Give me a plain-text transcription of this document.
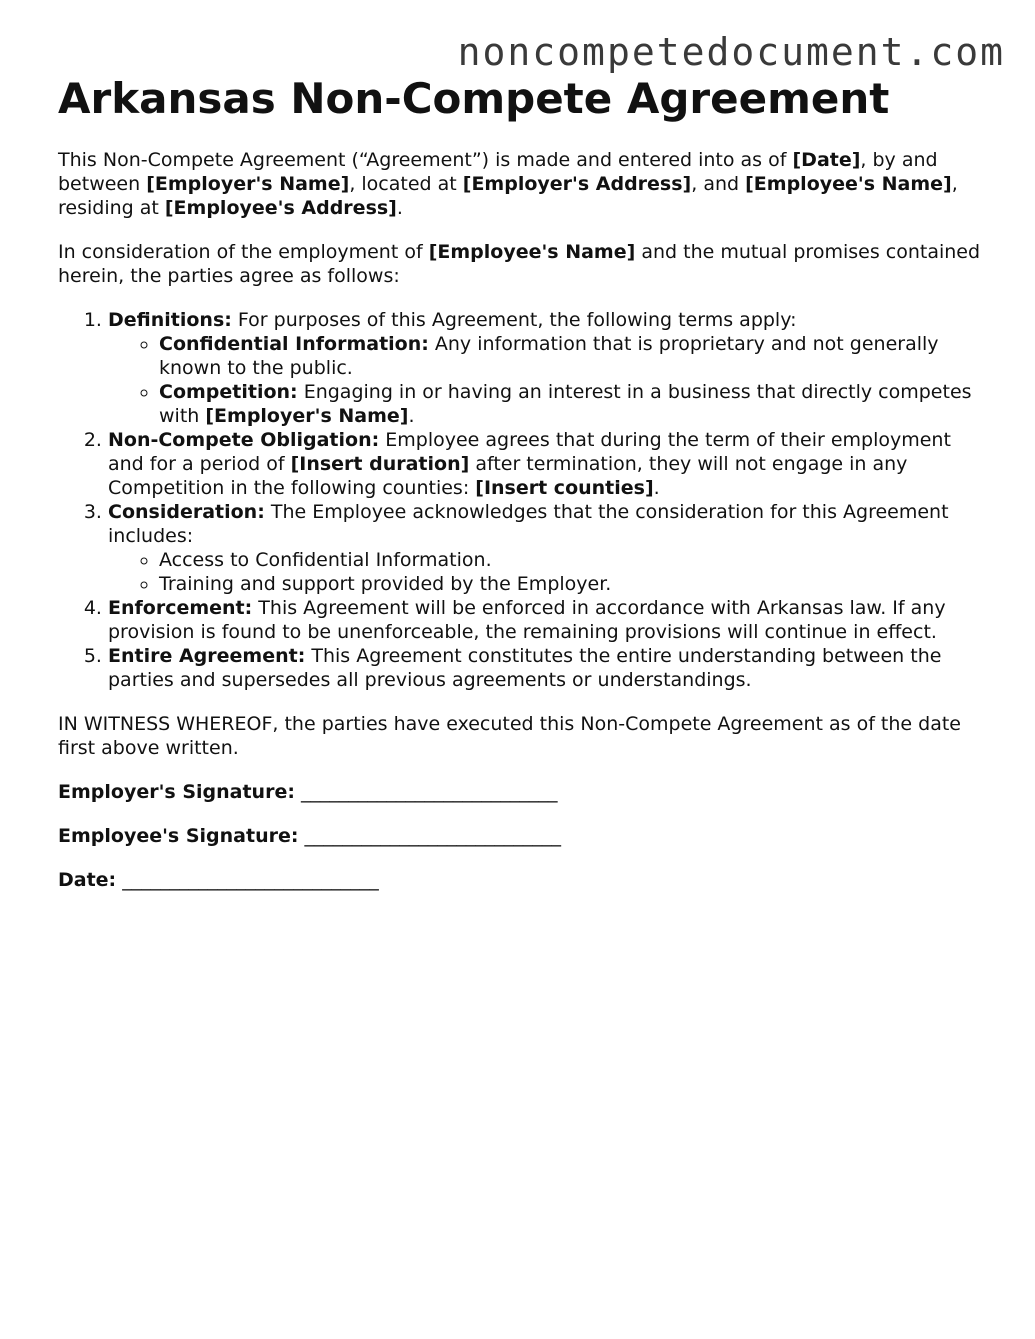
noncompetedocument.com
Arkansas Non-Compete Agreement

This Non-Compete Agreement (“Agreement”) is made and entered into as of [Date], by and between [Employer's Name], located at [Employer's Address], and [Employee's Name], residing at [Employee's Address].

In consideration of the employment of [Employee's Name] and the mutual promises contained herein, the parties agree as follows:

1. Definitions: For purposes of this Agreement, the following terms apply:
◦ Confidential Information: Any information that is proprietary and not generally known to the public.
◦ Competition: Engaging in or having an interest in a business that directly competes with [Employer's Name].
2. Non-Compete Obligation: Employee agrees that during the term of their employment and for a period of [Insert duration] after termination, they will not engage in any Competition in the following counties: [Insert counties].
3. Consideration: The Employee acknowledges that the consideration for this Agreement includes:
◦ Access to Confidential Information.
◦ Training and support provided by the Employer.
4. Enforcement: This Agreement will be enforced in accordance with Arkansas law. If any provision is found to be unenforceable, the remaining provisions will continue in effect.
5. Entire Agreement: This Agreement constitutes the entire understanding between the parties and supersedes all previous agreements or understandings.

IN WITNESS WHEREOF, the parties have executed this Non-Compete Agreement as of the date first above written.

Employer's Signature: ___________________________

Employee's Signature: ___________________________

Date: ___________________________
